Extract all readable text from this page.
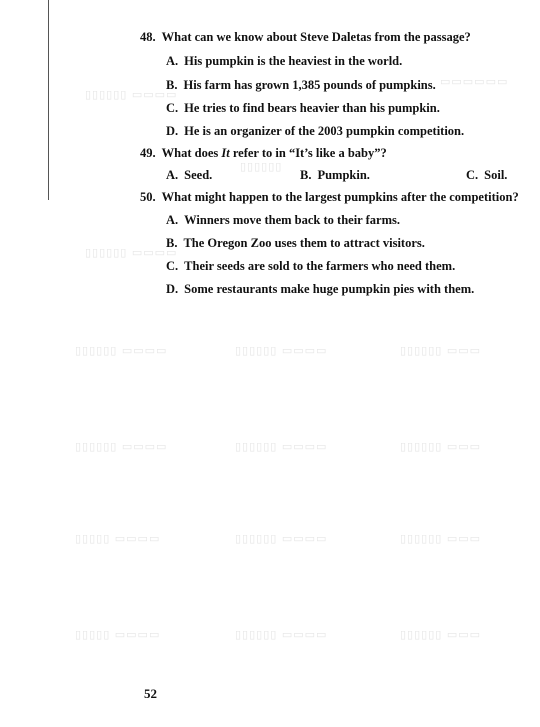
▯▯▯▯▯▯ ▭▭▭▭
▭▭▭▭▭▭
▯▯▯▯▯▯
▯▯▯▯▯▯ ▭▭▭▭
▯▯▯▯▯▯ ▭▭▭▭	▯▯▯▯▯▯ ▭▭▭▭	▯▯▯▯▯▯ ▭▭▭
▯▯▯▯▯▯ ▭▭▭▭	▯▯▯▯▯▯ ▭▭▭▭	▯▯▯▯▯▯ ▭▭▭
▯▯▯▯▯ ▭▭▭▭	▯▯▯▯▯▯ ▭▭▭▭	▯▯▯▯▯▯ ▭▭▭
▯▯▯▯▯ ▭▭▭▭	▯▯▯▯▯▯ ▭▭▭▭	▯▯▯▯▯▯ ▭▭▭
48. What can we know about Steve Daletas from the passage?
A. His pumpkin is the heaviest in the world.
B. His farm has grown 1,385 pounds of pumpkins.
C. He tries to find bears heavier than his pumpkin.
D. He is an organizer of the 2003 pumpkin competition.
49. What does It refer to in “It’s like a baby”?
A. Seed.	B. Pumpkin.	C. Soil.
50. What might happen to the largest pumpkins after the competition?
A. Winners move them back to their farms.
B. The Oregon Zoo uses them to attract visitors.
C. Their seeds are sold to the farmers who need them.
D. Some restaurants make huge pumpkin pies with them.
52
